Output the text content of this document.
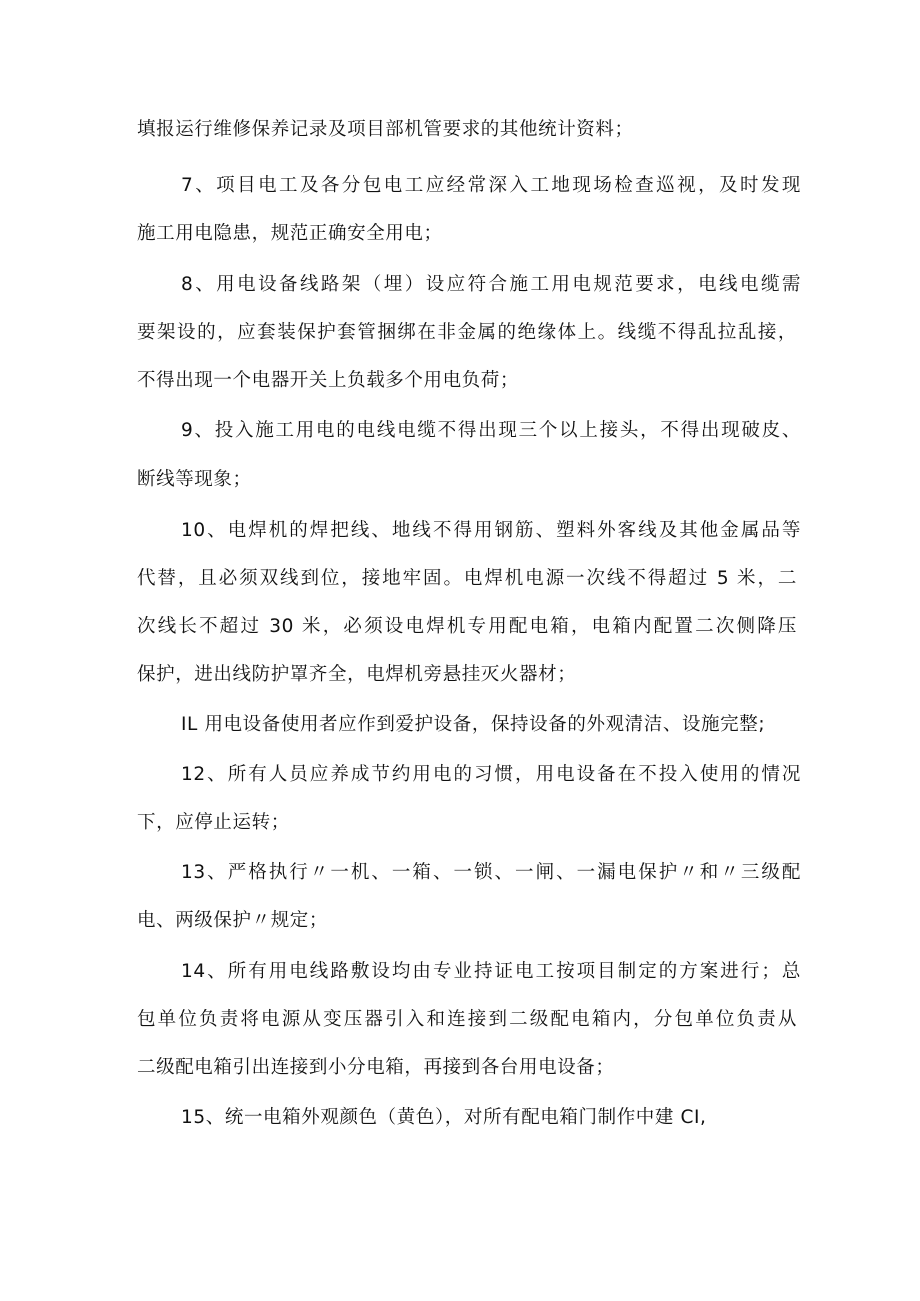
填报运行维修保养记录及项目部机管要求的其他统计资料；
7、项目电工及各分包电工应经常深入工地现场检查巡视，及时发现
施工用电隐患，规范正确安全用电；
8、用电设备线路架（埋）设应符合施工用电规范要求，电线电缆需
要架设的，应套装保护套管捆绑在非金属的绝缘体上。线缆不得乱拉乱接，
不得出现一个电器开关上负载多个用电负荷；
9、投入施工用电的电线电缆不得出现三个以上接头，不得出现破皮、
断线等现象；
10、电焊机的焊把线、地线不得用钢筋、塑料外客线及其他金属品等
代替，且必须双线到位，接地牢固。电焊机电源一次线不得超过 5 米，二
次线长不超过 30 米，必须设电焊机专用配电箱，电箱内配置二次侧降压
保护，进出线防护罩齐全，电焊机旁悬挂灭火器材；
IL 用电设备使用者应作到爱护设备，保持设备的外观清洁、设施完整;
12、所有人员应养成节约用电的习惯，用电设备在不投入使用的情况
下，应停止运转；
13、严格执行〃一机、一箱、一锁、一闸、一漏电保护〃和〃三级配
电、两级保护〃规定；
14、所有用电线路敷设均由专业持证电工按项目制定的方案进行；总
包单位负责将电源从变压器引入和连接到二级配电箱内，分包单位负责从
二级配电箱引出连接到小分电箱，再接到各台用电设备；
15、统一电箱外观颜色（黄色），对所有配电箱门制作中建 CI,
